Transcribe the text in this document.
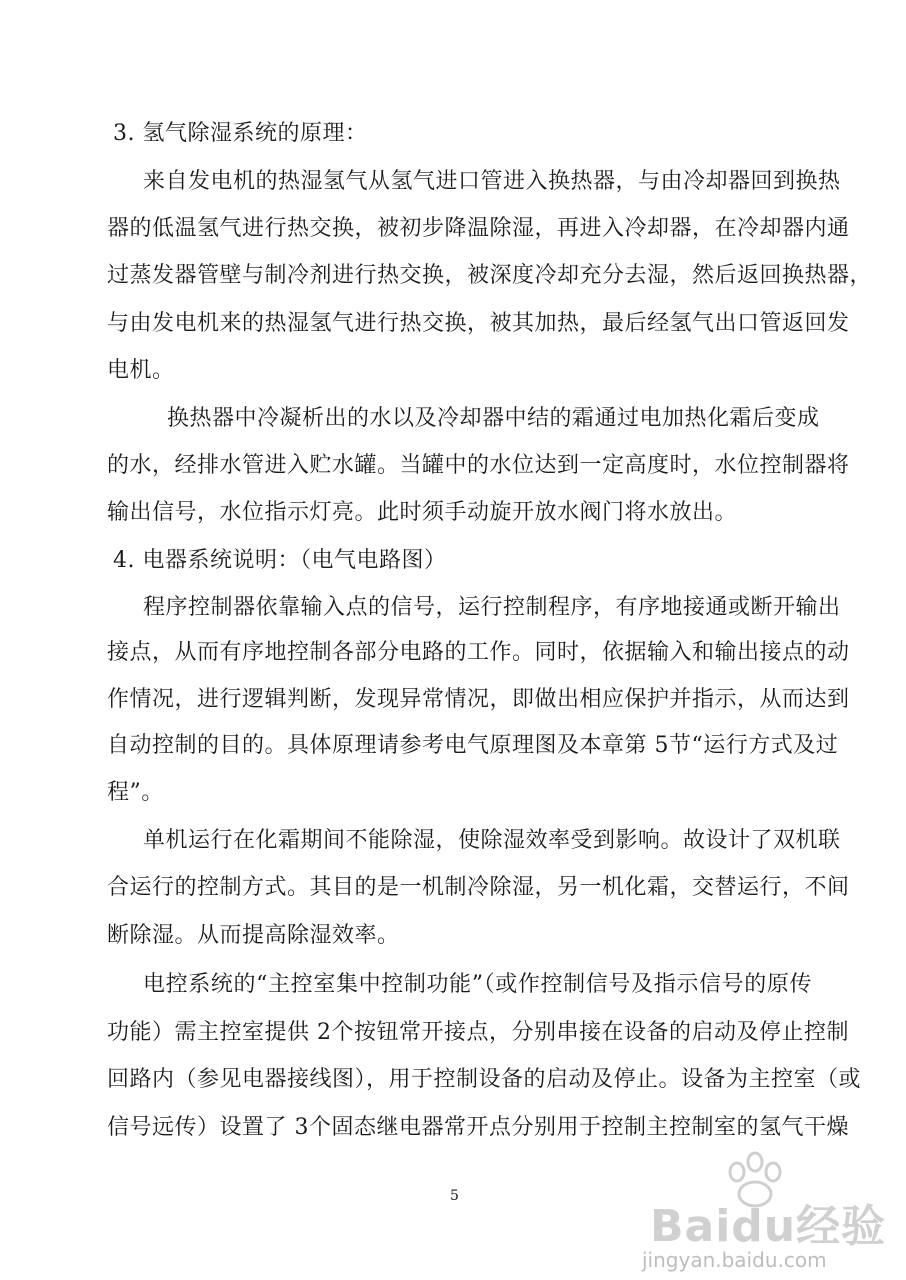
3. 氢气除湿系统的原理：
来自发电机的热湿氢气从氢气进口管进入换热器，与由冷却器回到换热
器的低温氢气进行热交换，被初步降温除湿，再进入冷却器，在冷却器内通
过蒸发器管壁与制冷剂进行热交换，被深度冷却充分去湿，然后返回换热器，
与由发电机来的热湿氢气进行热交换，被其加热，最后经氢气出口管返回发
电机。
换热器中冷凝析出的水以及冷却器中结的霜通过电加热化霜后变成
的水，经排水管进入贮水罐。当罐中的水位达到一定高度时，水位控制器将
输出信号，水位指示灯亮。此时须手动旋开放水阀门将水放出。
4. 电器系统说明：（电气电路图）
程序控制器依靠输入点的信号，运行控制程序，有序地接通或断开输出
接点，从而有序地控制各部分电路的工作。同时，依据输入和输出接点的动
作情况，进行逻辑判断，发现异常情况，即做出相应保护并指示，从而达到
自动控制的目的。具体原理请参考电气原理图及本章第 5节“运行方式及过
程”。
单机运行在化霜期间不能除湿，使除湿效率受到影响。故设计了双机联
合运行的控制方式。其目的是一机制冷除湿，另一机化霜，交替运行，不间
断除湿。从而提高除湿效率。
电控系统的“主控室集中控制功能”（或作控制信号及指示信号的原传
功能）需主控室提供 2个按钮常开接点，分别串接在设备的启动及停止控制
回路内（参见电器接线图），用于控制设备的启动及停止。设备为主控室（或
信号远传）设置了 3个固态继电器常开点分别用于控制主控制室的氢气干燥
5
Baidu经验
jingyan.baidu.com
